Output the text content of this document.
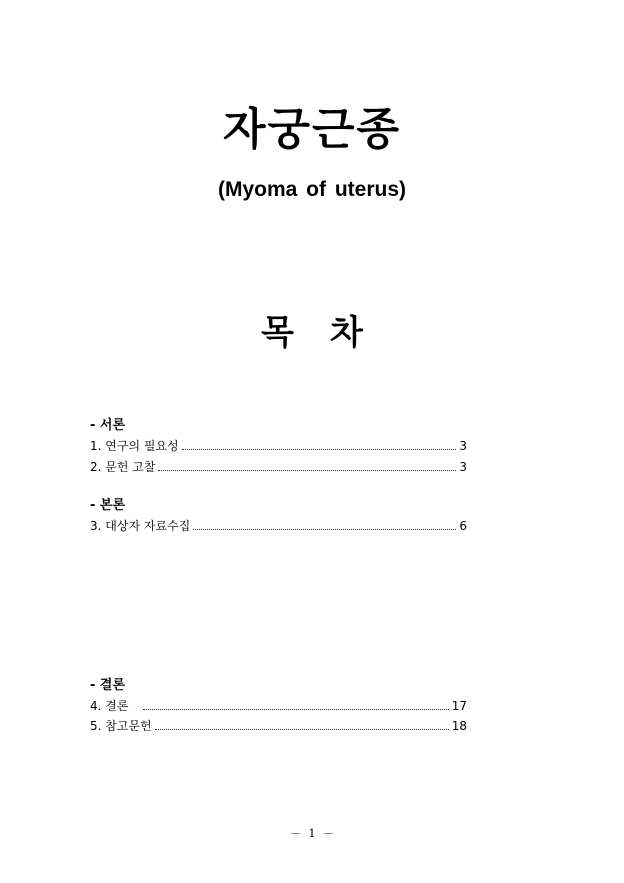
자궁근종
(Myoma of uterus)
목 차
- 서론
1. 연구의 필요성	3
2. 문헌 고찰	3
- 본론
3. 대상자 자료수집	6
- 결론
4. 결론	17
5. 참고문헌	18
－ 1 －
